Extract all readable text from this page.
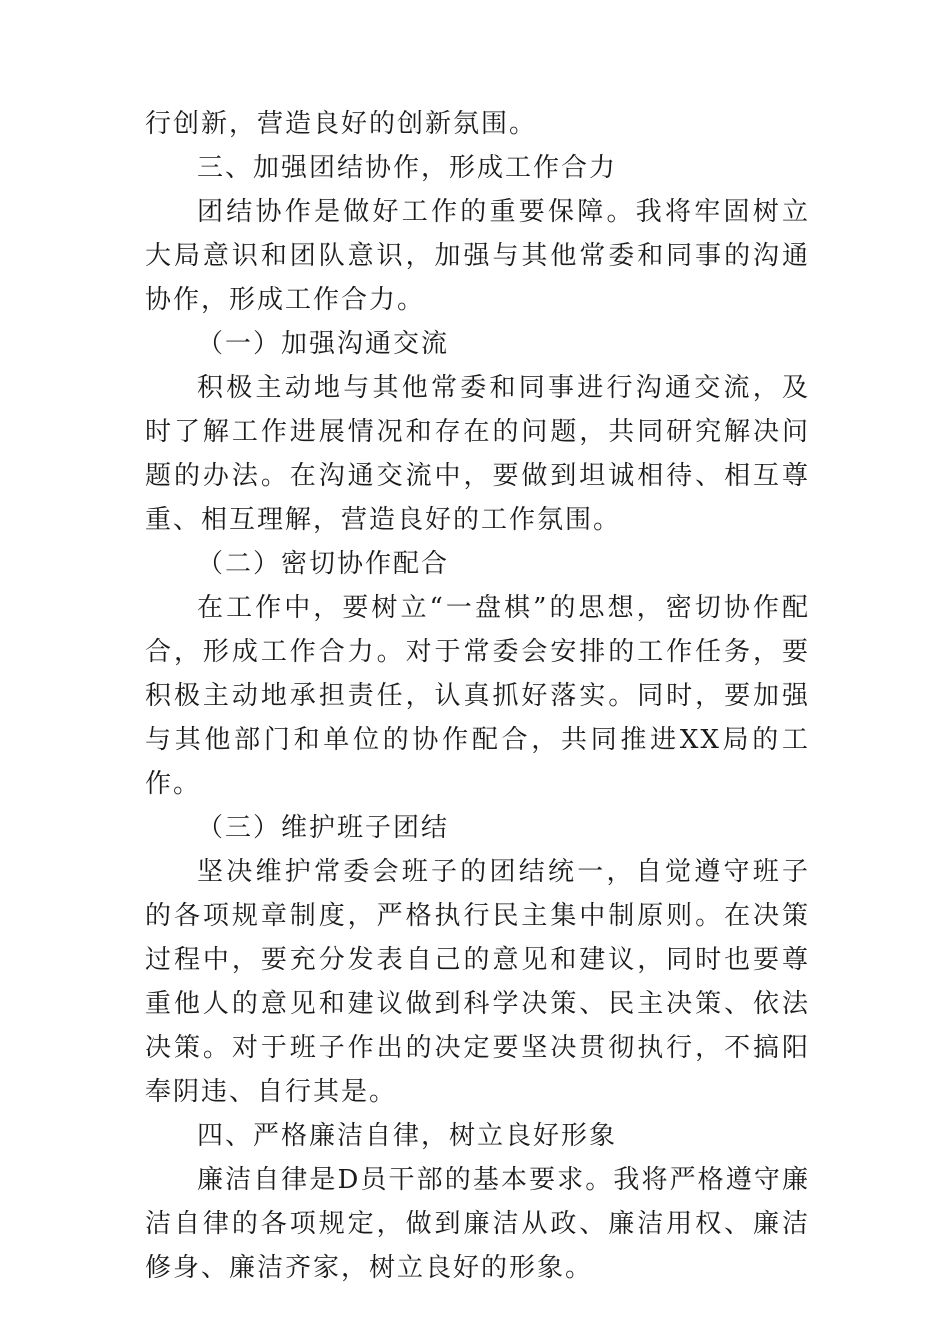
行创新，营造良好的创新氛围。

三、加强团结协作，形成工作合力

团结协作是做好工作的重要保障。我将牢固树立大局意识和团队意识，加强与其他常委和同事的沟通协作，形成工作合力。

（一）加强沟通交流

积极主动地与其他常委和同事进行沟通交流，及时了解工作进展情况和存在的问题，共同研究解决问题的办法。在沟通交流中，要做到坦诚相待、相互尊重、相互理解，营造良好的工作氛围。

（二）密切协作配合

在工作中，要树立“一盘棋”的思想，密切协作配合，形成工作合力。对于常委会安排的工作任务，要积极主动地承担责任，认真抓好落实。同时，要加强与其他部门和单位的协作配合，共同推进XX局的工作。

（三）维护班子团结

坚决维护常委会班子的团结统一，自觉遵守班子的各项规章制度，严格执行民主集中制原则。在决策过程中，要充分发表自己的意见和建议，同时也要尊重他人的意见和建议做到科学决策、民主决策、依法决策。对于班子作出的决定要坚决贯彻执行，不搞阳奉阴违、自行其是。

四、严格廉洁自律，树立良好形象

廉洁自律是D员干部的基本要求。我将严格遵守廉洁自律的各项规定，做到廉洁从政、廉洁用权、廉洁修身、廉洁齐家，树立良好的形象。
